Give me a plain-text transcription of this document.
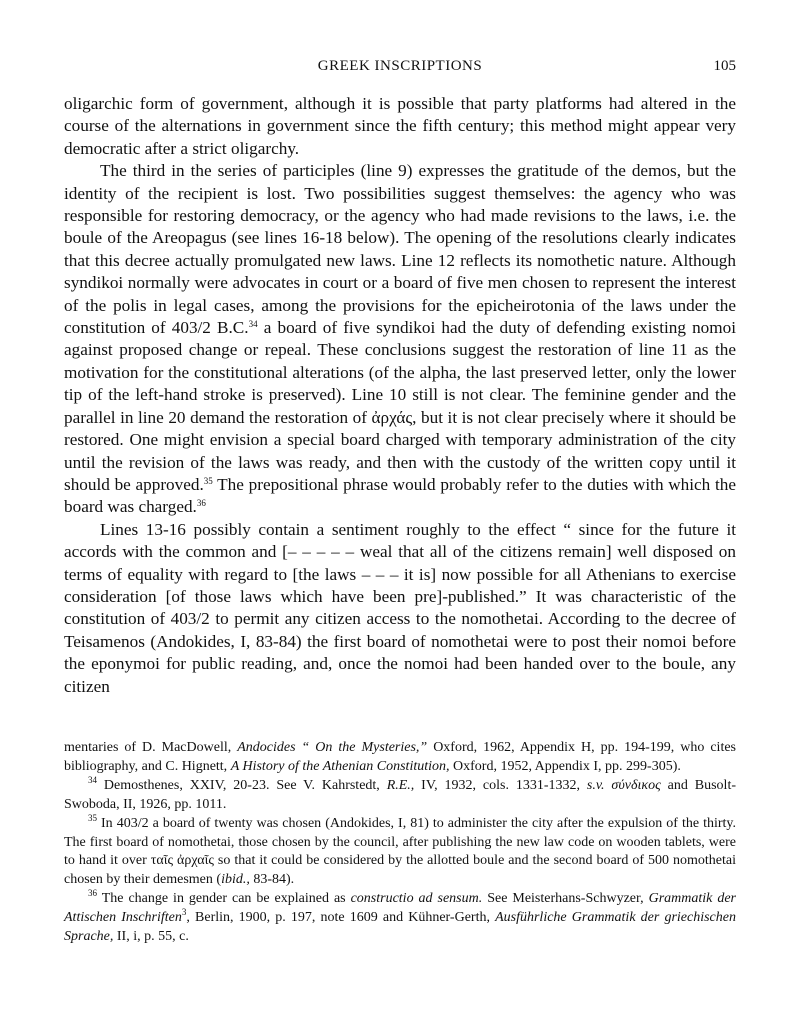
GREEK INSCRIPTIONS	105

oligarchic form of government, although it is possible that party platforms had altered in the course of the alternations in government since the fifth century; this method might appear very democratic after a strict oligarchy.

The third in the series of participles (line 9) expresses the gratitude of the demos, but the identity of the recipient is lost. Two possibilities suggest themselves: the agency who was responsible for restoring democracy, or the agency who had made revisions to the laws, i.e. the boule of the Areopagus (see lines 16-18 below). The opening of the resolutions clearly indicates that this decree actually promulgated new laws. Line 12 reflects its nomothetic nature. Although syndikoi normally were advocates in court or a board of five men chosen to represent the interest of the polis in legal cases, among the provisions for the epicheirotonia of the laws under the constitution of 403/2 B.C.$^{34}$ a board of five syndikoi had the duty of defending existing nomoi against proposed change or repeal. These conclusions suggest the restoration of line 11 as the motivation for the constitutional alterations (of the alpha, the last preserved letter, only the lower tip of the left-hand stroke is preserved). Line 10 still is not clear. The feminine gender and the parallel in line 20 demand the restoration of ἀρχάς, but it is not clear precisely where it should be restored. One might envision a special board charged with temporary administration of the city until the revision of the laws was ready, and then with the custody of the written copy until it should be approved.$^{35}$ The prepositional phrase would probably refer to the duties with which the board was charged.$^{36}$

Lines 13-16 possibly contain a sentiment roughly to the effect “ since for the future it accords with the common and [– – – – – weal that all of the citizens remain] well disposed on terms of equality with regard to [the laws – – – it is] now possible for all Athenians to exercise consideration [of those laws which have been pre]-published.” It was characteristic of the constitution of 403/2 to permit any citizen access to the nomothetai. According to the decree of Teisamenos (Andokides, I, 83-84) the first board of nomothetai were to post their nomoi before the eponymoi for public reading, and, once the nomoi had been handed over to the boule, any citizen

mentaries of D. MacDowell, Andocides “ On the Mysteries,” Oxford, 1962, Appendix H, pp. 194-199, who cites bibliography, and C. Hignett, A History of the Athenian Constitution, Oxford, 1952, Appendix I, pp. 299-305).

$^{34}$ Demosthenes, XXIV, 20-23. See V. Kahrstedt, R.E., IV, 1932, cols. 1331-1332, s.v. σύνδικος and Busolt-Swoboda, II, 1926, pp. 1011.

$^{35}$ In 403/2 a board of twenty was chosen (Andokides, I, 81) to administer the city after the expulsion of the thirty. The first board of nomothetai, those chosen by the council, after publishing the new law code on wooden tablets, were to hand it over ταῖς ἀρχαῖς so that it could be considered by the allotted boule and the second board of 500 nomothetai chosen by their demesmen (ibid., 83-84).

$^{36}$ The change in gender can be explained as constructio ad sensum. See Meisterhans-Schwyzer, Grammatik der Attischen Inschriften$^3$, Berlin, 1900, p. 197, note 1609 and Kühner-Gerth, Ausführliche Grammatik der griechischen Sprache, II, i, p. 55, c.
